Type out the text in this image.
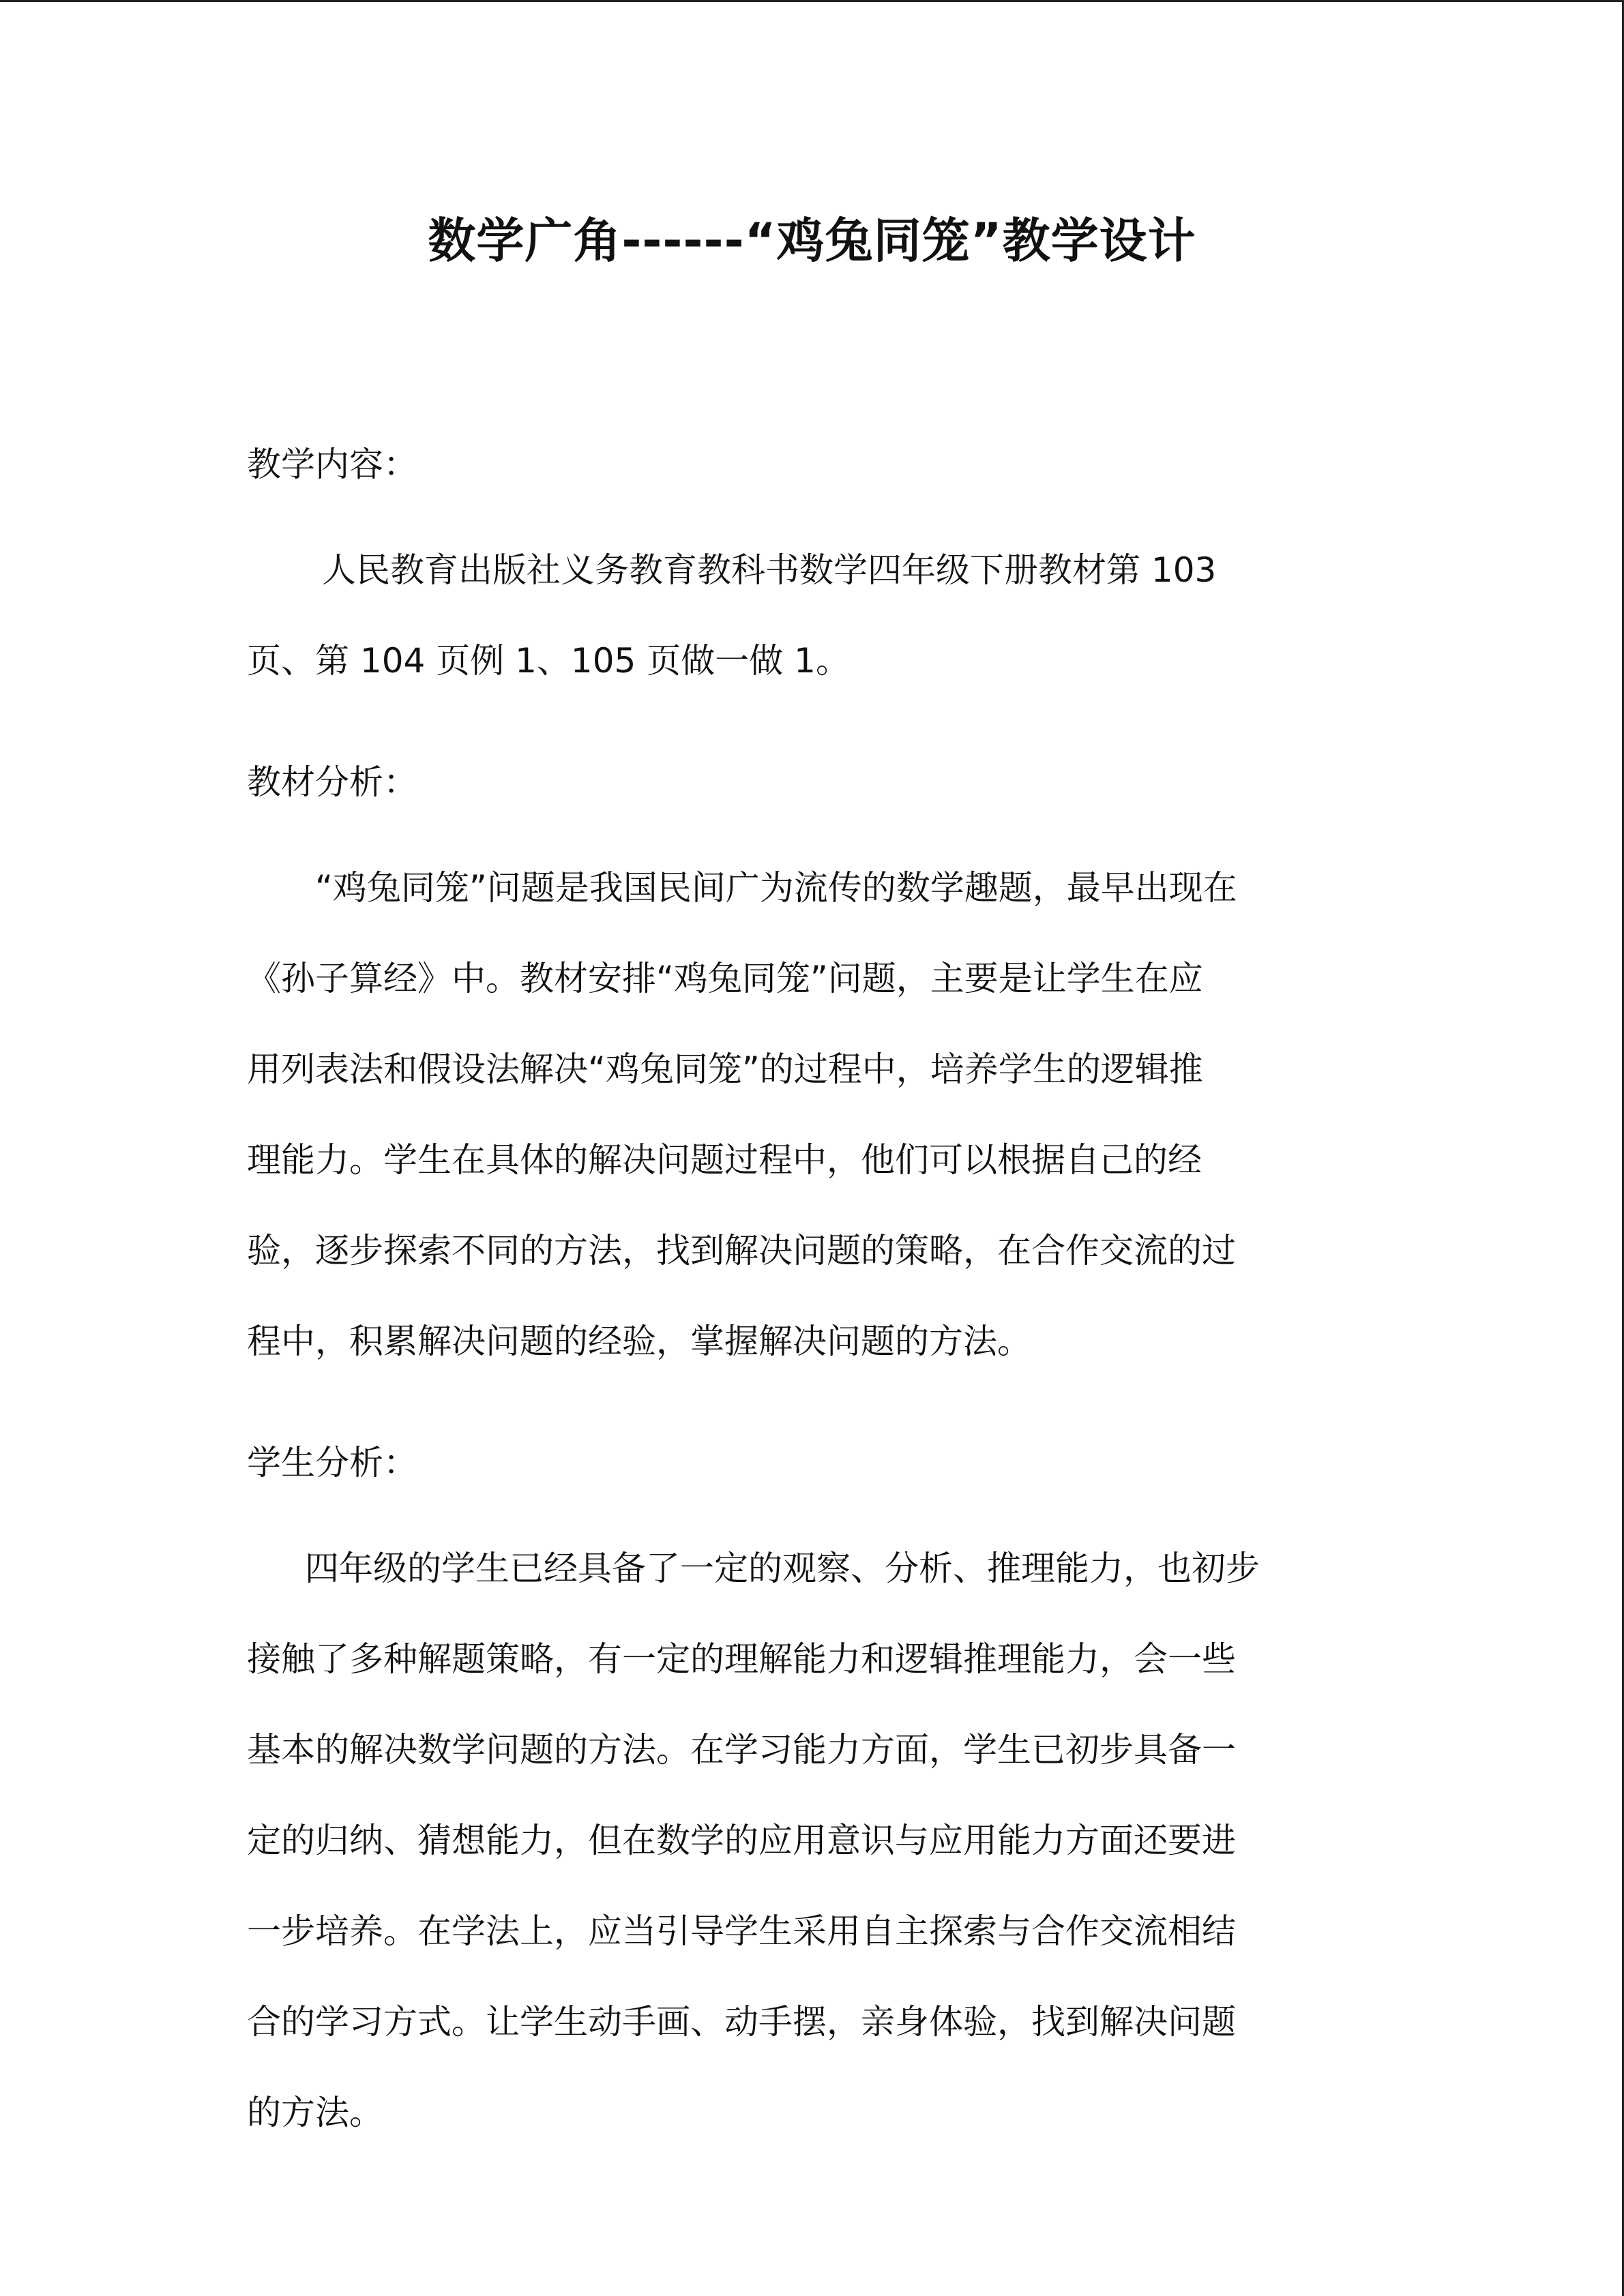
数学广角------“鸡兔同笼”教学设计
教学内容：
人民教育出版社义务教育教科书数学四年级下册教材第 103
页、第 104 页例 1、105 页做一做 1。
教材分析：
“鸡兔同笼”问题是我国民间广为流传的数学趣题，最早出现在
《孙子算经》中。教材安排“鸡兔同笼”问题，主要是让学生在应
用列表法和假设法解决“鸡兔同笼”的过程中，培养学生的逻辑推
理能力。学生在具体的解决问题过程中，他们可以根据自己的经
验，逐步探索不同的方法，找到解决问题的策略，在合作交流的过
程中，积累解决问题的经验，掌握解决问题的方法。
学生分析：
四年级的学生已经具备了一定的观察、分析、推理能力，也初步
接触了多种解题策略，有一定的理解能力和逻辑推理能力，会一些
基本的解决数学问题的方法。在学习能力方面，学生已初步具备一
定的归纳、猜想能力，但在数学的应用意识与应用能力方面还要进
一步培养。在学法上，应当引导学生采用自主探索与合作交流相结
合的学习方式。让学生动手画、动手摆，亲身体验，找到解决问题
的方法。
